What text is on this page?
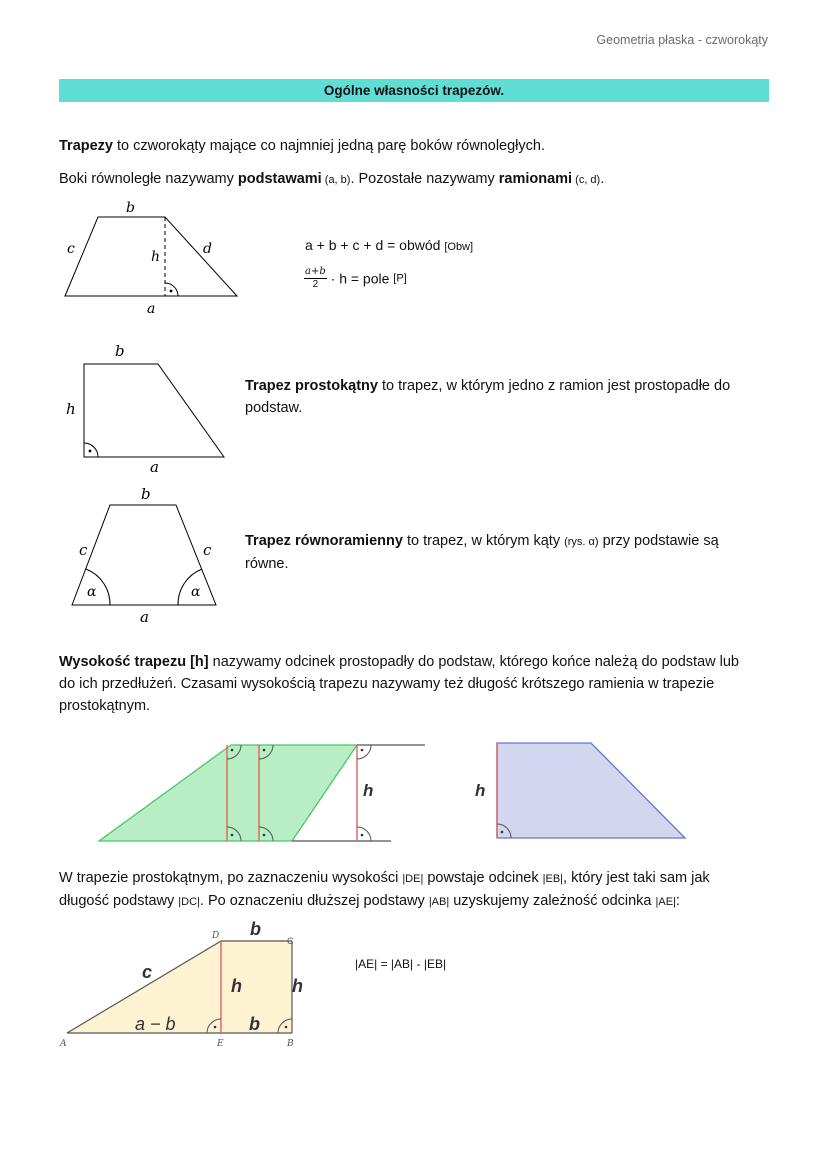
Geometria płaska - czworokąty
Ogólne własności trapezów.
Trapezy to czworokąty mające co najmniej jedną parę boków równoległych.
Boki równoległe nazywamy podstawami (a, b). Pozostałe nazywamy ramionami (c, d).
b
c	h	d
a
a + b + c + d = obwód [Obw]
$\frac{a+b}{2} \cdot h$ = pole [P]
b
h
a
Trapez prostokątny to trapez, w którym jedno z ramion jest prostopadłe do
podstaw.
b
c	c
α	α
a
Trapez równoramienny to trapez, w którym kąty (rys. α) przy podstawie są
równe.
Wysokość trapezu [h] nazywamy odcinek prostopadły do podstaw, którego końce należą do podstaw lub
do ich przedłużeń. Czasami wysokością trapezu nazywamy też długość krótszego ramienia w trapezie
prostokątnym.
h	h
W trapezie prostokątnym, po zaznaczeniu wysokości |DE| powstaje odcinek |EB|, który jest taki sam jak
długość podstawy |DC|. Po oznaczeniu dłuższej podstawy |AB| uzyskujemy zależność odcinka |AE|:
D b
C
c
h	h
a − b	b
A	E	B
|AE| = |AB| - |EB|
